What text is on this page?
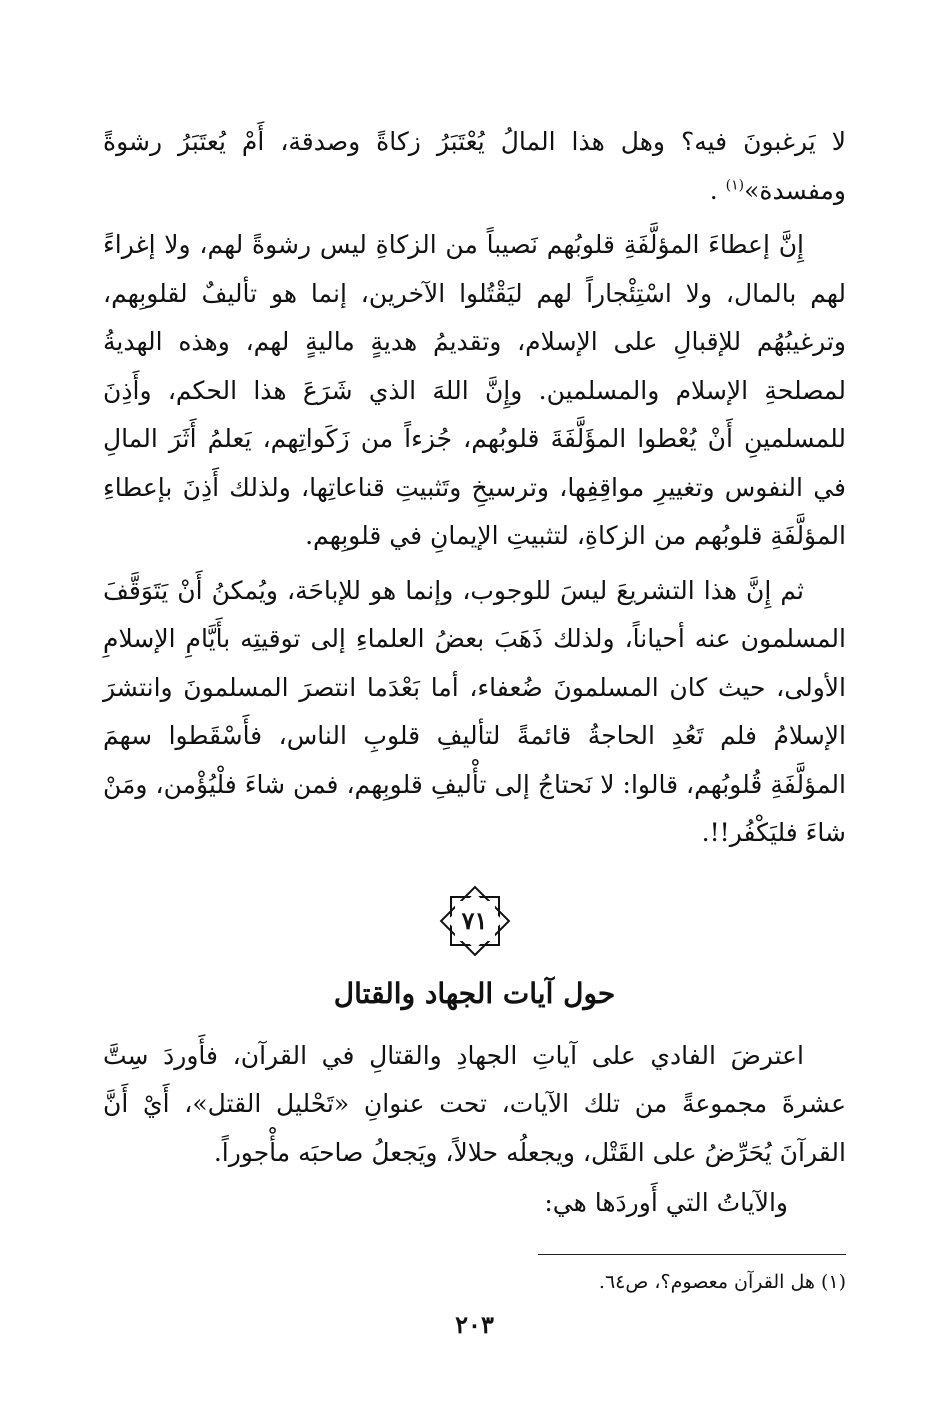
لا يَرغبونَ فيه؟ وهل هذا المالُ يُعْتَبَرُ زكاةً وصدقة، أَمْ يُعتَبَرُ رشوةً ومفسدة»$^{(١)}$ .

إِنَّ إعطاءَ المؤلَّفَةِ قلوبُهم نَصيباً من الزكاةِ ليس رشوةً لهم، ولا إغراءً لهم بالمال، ولا اسْتِئْجاراً لهم ليَقْتُلوا الآخرين، إنما هو تأليفٌ لقلوبِهم، وترغيبُهُم للإقبالِ على الإسلام، وتقديمُ هديةٍ ماليةٍ لهم، وهذه الهديةُ لمصلحةِ الإسلام والمسلمين. وإِنَّ اللهَ الذي شَرَعَ هذا الحكم، وأَذِنَ للمسلمينِ أَنْ يُعْطوا المؤَلَّفَةَ قلوبُهم، جُزءاً من زَكَواتِهم، يَعلمُ أَثَرَ المالِ في النفوس وتغييرِ مواقِفِها، وترسيخِ وتَثبيتِ قناعاتِها، ولذلك أَذِنَ بإعطاءِ المؤلَّفَةِ قلوبُهم من الزكاةِ، لتثبيتِ الإيمانِ في قلوبِهم.

ثم إِنَّ هذا التشريعَ ليسَ للوجوب، وإنما هو للإباحَة، ويُمكنُ أَنْ يَتَوَقَّفَ المسلمون عنه أحياناً، ولذلك ذَهَبَ بعضُ العلماءِ إلى توقيتِه بأَيَّامِ الإسلامِ الأولى، حيث كان المسلمونَ ضُعفاء، أما بَعْدَما انتصرَ المسلمونَ وانتشرَ الإسلامُ فلم تَعُدِ الحاجةُ قائمةً لتأليفِ قلوبِ الناس، فأَسْقَطوا سهمَ المؤلَّفَةِ قُلوبُهم، قالوا: لا نَحتاجُ إلى تأْليفِ قلوبِهم، فمن شاءَ فلْيُؤْمن، ومَنْ شاءَ فليَكْفُر!!.

٧١
حول آيات الجهاد والقتال

اعترضَ الفادي على آياتِ الجهادِ والقتالِ في القرآن، فأَوردَ سِتَّ عشرةَ مجموعةً من تلك الآيات، تحت عنوانِ «تَحْليل القتل»، أَيْ أَنَّ القرآنَ يُحَرِّضُ على القَتْل، ويجعلُه حلالاً، ويَجعلُ صاحبَه مأْجوراً.

والآياتُ التي أَوردَها هي:

(١) هل القرآن معصوم؟، ص٦٤.

٢٠٣
